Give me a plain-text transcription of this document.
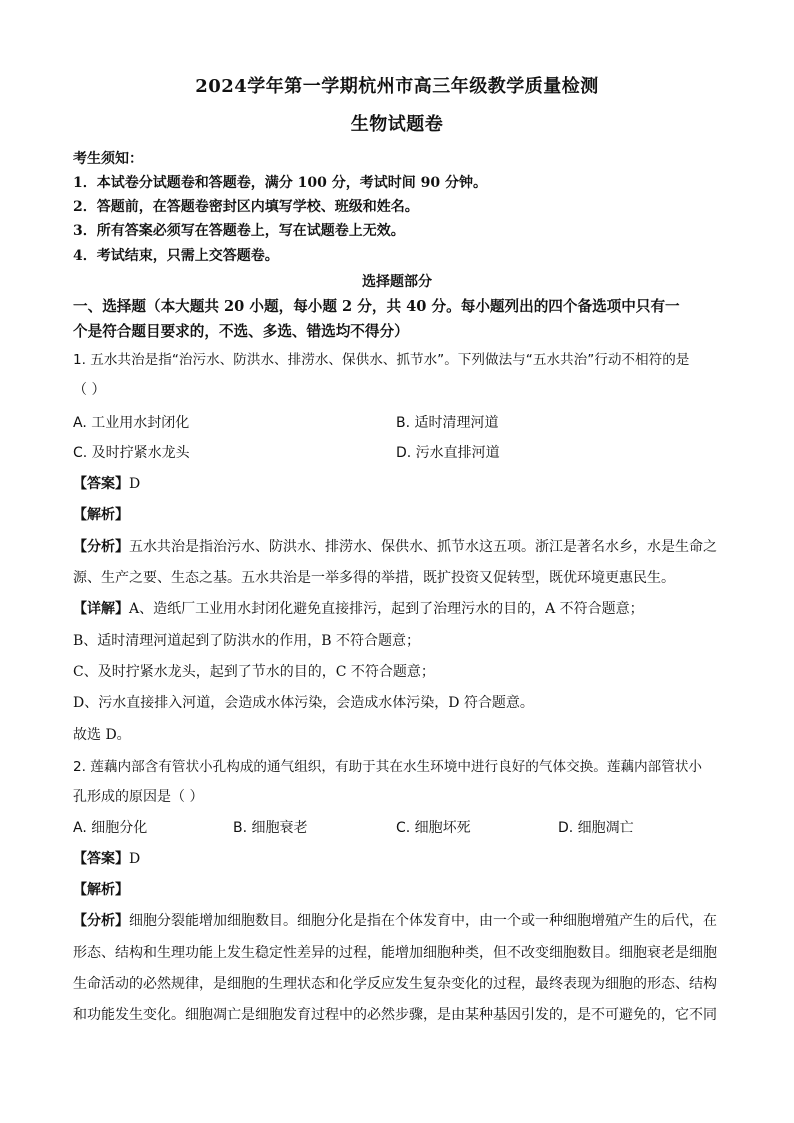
2024学年第一学期杭州市高三年级教学质量检测
生物试题卷
考生须知：
1．本试卷分试题卷和答题卷，满分 100 分，考试时间 90 分钟。
2．答题前，在答题卷密封区内填写学校、班级和姓名。
3．所有答案必须写在答题卷上，写在试题卷上无效。
4．考试结束，只需上交答题卷。
选择题部分
一、选择题（本大题共 20 小题，每小题 2 分，共 40 分。每小题列出的四个备选项中只有一
个是符合题目要求的，不选、多选、错选均不得分）
1. 五水共治是指“治污水、防洪水、排涝水、保供水、抓节水”。下列做法与“五水共治”行动不相符的是
（ ）
A. 工业用水封闭化	B. 适时清理河道
C. 及时拧紧水龙头	D. 污水直排河道
【答案】D
【解析】
【分析】五水共治是指治污水、防洪水、排涝水、保供水、抓节水这五项。浙江是著名水乡，水是生命之
源、生产之要、生态之基。五水共治是一举多得的举措，既扩投资又促转型，既优环境更惠民生。
【详解】A、造纸厂工业用水封闭化避免直接排污，起到了治理污水的目的，A 不符合题意；
B、适时清理河道起到了防洪水的作用，B 不符合题意；
C、及时拧紧水龙头，起到了节水的目的，C 不符合题意；
D、污水直接排入河道，会造成水体污染，会造成水体污染，D 符合题意。
故选 D。
2. 莲藕内部含有管状小孔构成的通气组织，有助于其在水生环境中进行良好的气体交换。莲藕内部管状小
孔形成的原因是（ ）
A. 细胞分化	B. 细胞衰老	C. 细胞坏死	D. 细胞凋亡
【答案】D
【解析】
【分析】细胞分裂能增加细胞数目。细胞分化是指在个体发育中，由一个或一种细胞增殖产生的后代，在
形态、结构和生理功能上发生稳定性差异的过程，能增加细胞种类，但不改变细胞数目。细胞衰老是细胞
生命活动的必然规律，是细胞的生理状态和化学反应发生复杂变化的过程，最终表现为细胞的形态、结构
和功能发生变化。细胞凋亡是细胞发育过程中的必然步骤，是由某种基因引发的，是不可避免的，它不同
